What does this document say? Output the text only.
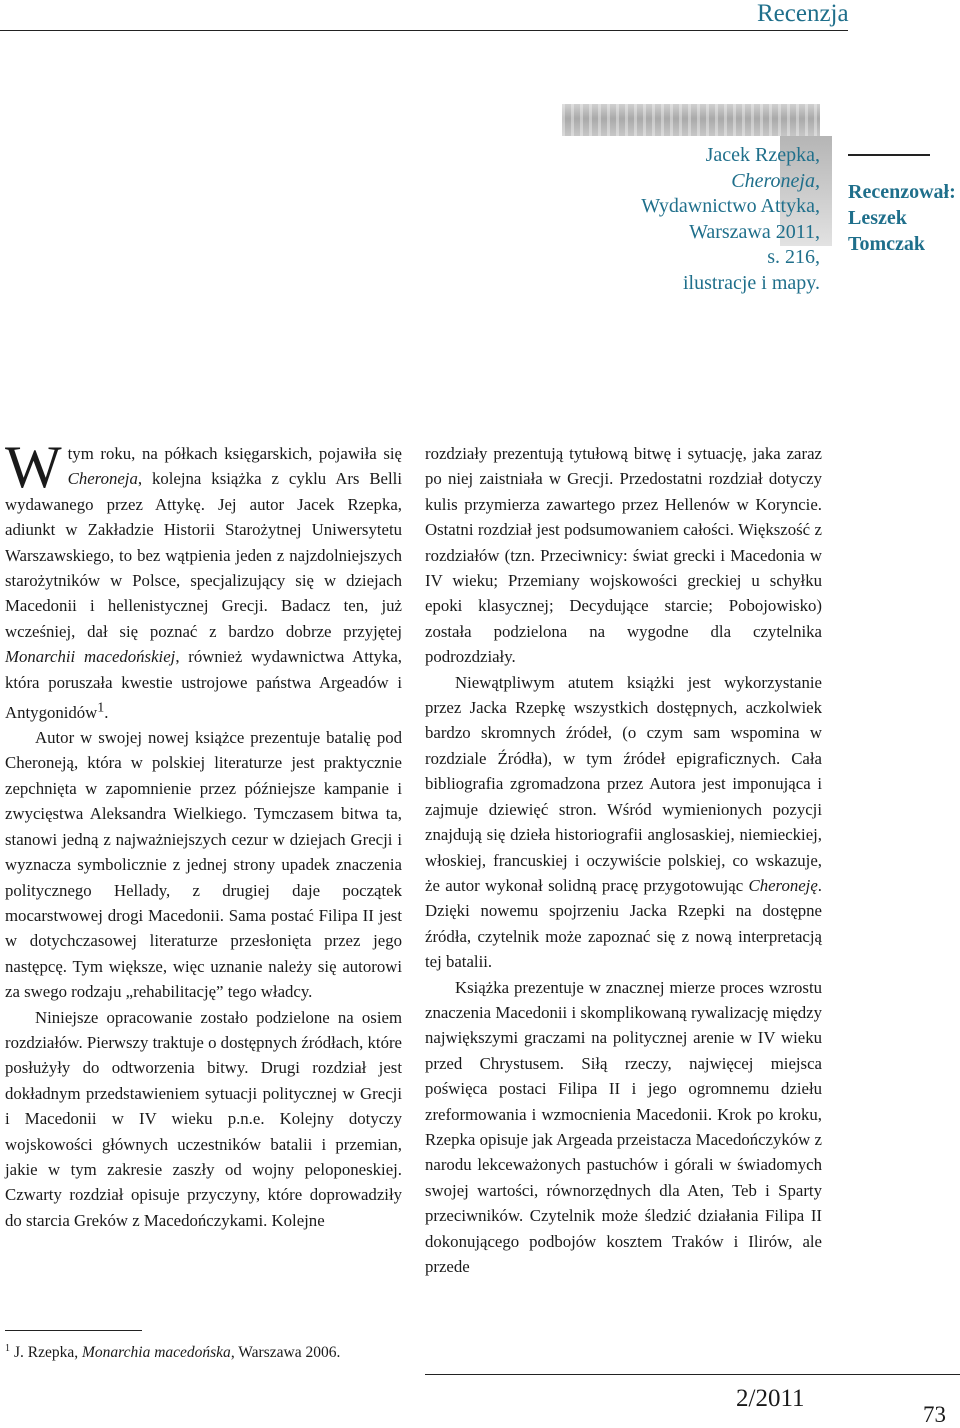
Recenzja
Jacek Rzepka,
Cheroneja,
Wydawnictwo Attyka,
Warszawa 2011,
s. 216,
ilustracje i mapy.
Recenzował:
Leszek
Tomczak

Wtym roku, na półkach księgarskich, pojawiła się Cheroneja, kolejna książka z cyklu Ars Belli wydawanego przez Attykę. Jej autor Jacek Rzepka, adiunkt w Zakładzie Historii Starożytnej Uniwersytetu Warszawskiego, to bez wątpienia jeden z najzdolniejszych starożytników w Polsce, specjalizujący się w dziejach Macedonii i hellenistycznej Grecji. Badacz ten, już wcześniej, dał się poznać z bardzo dobrze przyjętej Monarchii macedońskiej, również wydawnictwa Attyka, która poruszała kwestie ustrojowe państwa Argeadów i Antygonidów$^1$.

Autor w swojej nowej książce prezentuje batalię pod Cheroneją, która w polskiej literaturze jest praktycznie zepchnięta w zapomnienie przez późniejsze kampanie i zwycięstwa Aleksandra Wielkiego. Tymczasem bitwa ta, stanowi jedną z najważniejszych cezur w dziejach Grecji i wyznacza symbolicznie z jednej strony upadek znaczenia politycznego Hellady, z drugiej daje początek mocarstwowej drogi Macedonii. Sama postać Filipa II jest w dotychczasowej literaturze przesłonięta przez jego następcę. Tym większe, więc uznanie należy się autorowi za swego rodzaju „rehabilitację” tego władcy.

Niniejsze opracowanie zostało podzielone na osiem rozdziałów. Pierwszy traktuje o dostępnych źródłach, które posłużyły do odtworzenia bitwy. Drugi rozdział jest dokładnym przedstawieniem sytuacji politycznej w Grecji i Macedonii w IV wieku p.n.e. Kolejny dotyczy wojskowości głównych uczestników batalii i przemian, jakie w tym zakresie zaszły od wojny peloponeskiej. Czwarty rozdział opisuje przyczyny, które doprowadziły do starcia Greków z Macedończykami. Kolejne

rozdziały prezentują tytułową bitwę i sytuację, jaka zaraz po niej zaistniała w Grecji. Przedostatni rozdział dotyczy kulis przymierza zawartego przez Hellenów w Koryncie. Ostatni rozdział jest podsumowaniem całości. Większość z rozdziałów (tzn. Przeciwnicy: świat grecki i Macedonia w IV wieku; Przemiany wojskowości greckiej u schyłku epoki klasycznej; Decydujące starcie; Pobojowisko) została podzielona na wygodne dla czytelnika podrozdziały.

Niewątpliwym atutem książki jest wykorzystanie przez Jacka Rzepkę wszystkich dostępnych, aczkolwiek bardzo skromnych źródeł, (o czym sam wspomina w rozdziale Źródła), w tym źródeł epigraficznych. Cała bibliografia zgromadzona przez Autora jest imponująca i zajmuje dziewięć stron. Wśród wymienionych pozycji znajdują się dzieła historiografii anglosaskiej, niemieckiej, włoskiej, francuskiej i oczywiście polskiej, co wskazuje, że autor wykonał solidną pracę przygotowując Cheroneję. Dzięki nowemu spojrzeniu Jacka Rzepki na dostępne źródła, czytelnik może zapoznać się z nową interpretacją tej batalii.

Książka prezentuje w znacznej mierze proces wzrostu znaczenia Macedonii i skomplikowaną rywalizację między największymi graczami na politycznej arenie w IV wieku przed Chrystusem. Siłą rzeczy, najwięcej miejsca poświęca postaci Filipa II i jego ogromnemu dziełu zreformowania i wzmocnienia Macedonii. Krok po kroku, Rzepka opisuje jak Argeada przeistacza Macedończyków z narodu lekceważonych pastuchów i górali w świadomych swojej wartości, równorzędnych dla Aten, Teb i Sparty przeciwników. Czytelnik może śledzić działania Filipa II dokonującego podbojów kosztem Traków i Ilirów, ale przede

$^1$ J. Rzepka, Monarchia macedońska, Warszawa 2006.
2/2011
73
